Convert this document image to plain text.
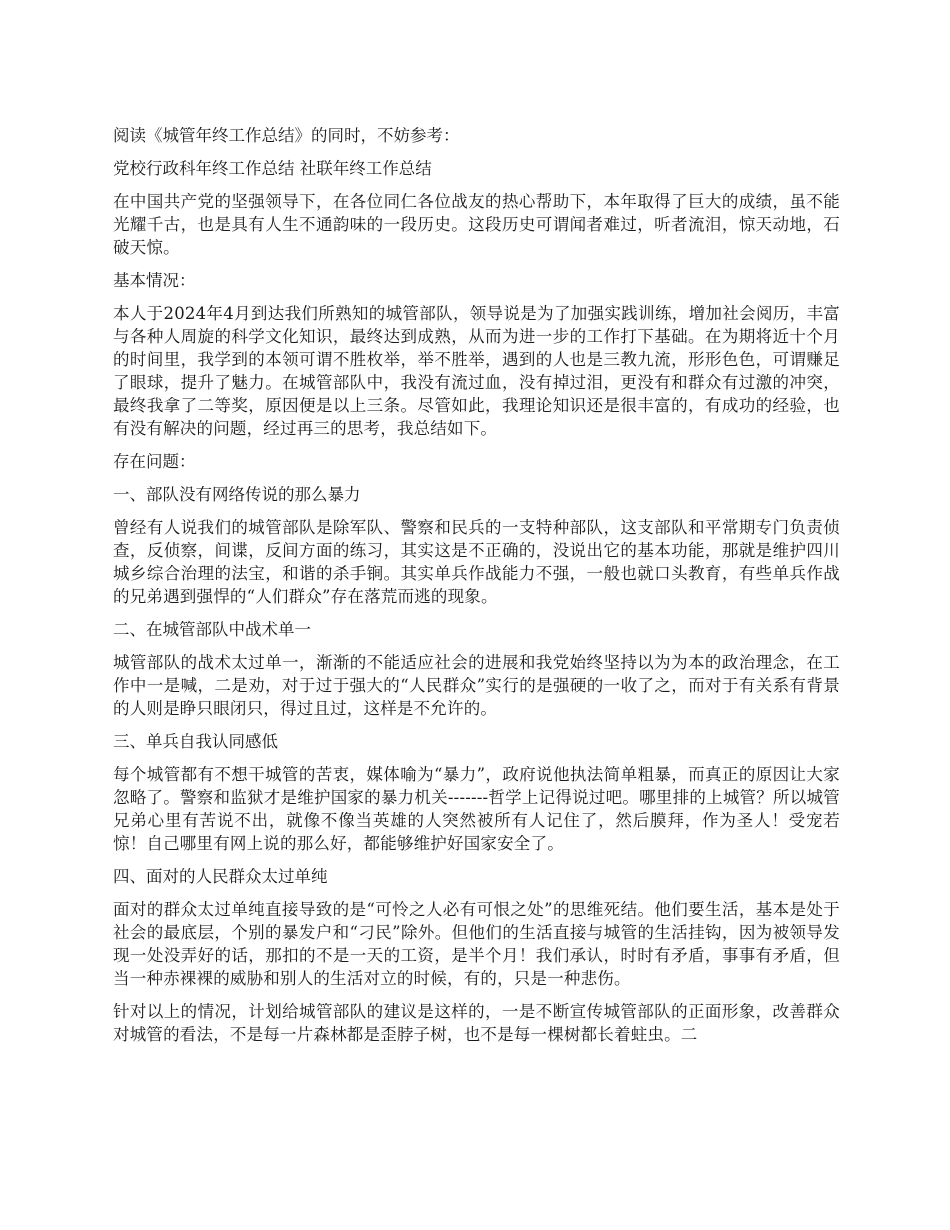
阅读《城管年终工作总结》的同时，不妨参考：

党校行政科年终工作总结 社联年终工作总结

在中国共产党的坚强领导下，在各位同仁各位战友的热心帮助下，本年取得了巨大的成绩，虽不能光耀千古，也是具有人生不通韵味的一段历史。这段历史可谓闻者难过，听者流泪，惊天动地，石破天惊。

基本情况：

本人于2024年4月到达我们所熟知的城管部队，领导说是为了加强实践训练，增加社会阅历，丰富与各种人周旋的科学文化知识，最终达到成熟，从而为进一步的工作打下基础。在为期将近十个月的时间里，我学到的本领可谓不胜枚举，举不胜举，遇到的人也是三教九流，形形色色，可谓赚足了眼球，提升了魅力。在城管部队中，我没有流过血，没有掉过泪，更没有和群众有过激的冲突，最终我拿了二等奖，原因便是以上三条。尽管如此，我理论知识还是很丰富的，有成功的经验，也有没有解决的问题，经过再三的思考，我总结如下。

存在问题：

一、部队没有网络传说的那么暴力

曾经有人说我们的城管部队是除军队、警察和民兵的一支特种部队，这支部队和平常期专门负责侦查，反侦察，间谍，反间方面的练习，其实这是不正确的，没说出它的基本功能，那就是维护四川城乡综合治理的法宝，和谐的杀手锏。其实单兵作战能力不强，一般也就口头教育，有些单兵作战的兄弟遇到强悍的“人们群众”存在落荒而逃的现象。

二、在城管部队中战术单一

城管部队的战术太过单一，渐渐的不能适应社会的进展和我党始终坚持以为为本的政治理念，在工作中一是喊，二是劝，对于过于强大的“人民群众”实行的是强硬的一收了之，而对于有关系有背景的人则是睁只眼闭只，得过且过，这样是不允许的。

三、单兵自我认同感低

每个城管都有不想干城管的苦衷，媒体喻为“暴力”，政府说他执法简单粗暴，而真正的原因让大家忽略了。警察和监狱才是维护国家的暴力机关-------哲学上记得说过吧。哪里排的上城管？所以城管兄弟心里有苦说不出，就像不像当英雄的人突然被所有人记住了，然后膜拜，作为圣人！受宠若惊！自己哪里有网上说的那么好，都能够维护好国家安全了。

四、面对的人民群众太过单纯

面对的群众太过单纯直接导致的是“可怜之人必有可恨之处”的思维死结。他们要生活，基本是处于社会的最底层，个别的暴发户和“刁民”除外。但他们的生活直接与城管的生活挂钩，因为被领导发现一处没弄好的话，那扣的不是一天的工资，是半个月！我们承认，时时有矛盾，事事有矛盾，但当一种赤裸裸的威胁和别人的生活对立的时候，有的，只是一种悲伤。

针对以上的情况，计划给城管部队的建议是这样的，一是不断宣传城管部队的正面形象，改善群众对城管的看法，不是每一片森林都是歪脖子树，也不是每一棵树都长着蛀虫。二
